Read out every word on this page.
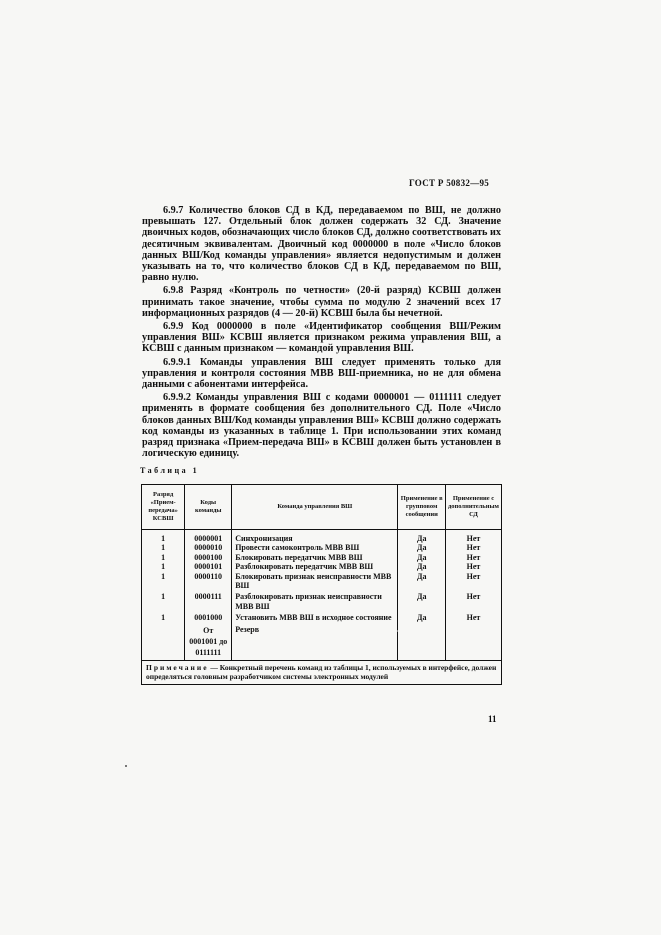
ГОСТ Р 50832—95

6.9.7 Количество блоков СД в КД, передаваемом по ВШ, не должно превышать 127. Отдельный блок должен содержать 32 СД. Значение двоичных кодов, обозначающих число блоков СД, должно соответствовать их десятичным эквивалентам. Двоичный код 0000000 в поле «Число блоков данных ВШ/Код команды управления» является недопустимым и должен указывать на то, что количество блоков СД в КД, передаваемом по ВШ, равно нулю.

6.9.8 Разряд «Контроль по четности» (20-й разряд) КСВШ должен принимать такое значение, чтобы сумма по модулю 2 значений всех 17 информационных разрядов (4 — 20-й) КСВШ была бы нечетной.

6.9.9 Код 0000000 в поле «Идентификатор сообщения ВШ/Режим управления ВШ» КСВШ является признаком режима управления ВШ, а КСВШ с данным признаком — командой управления ВШ.

6.9.9.1 Команды управления ВШ следует применять только для управления и контроля состояния МВВ ВШ-приемника, но не для обмена данными с абонентами интерфейса.

6.9.9.2 Команды управления ВШ с кодами 0000001 — 0111111 следует применять в формате сообщения без дополнительного СД. Поле «Число блоков данных ВШ/Код команды управления ВШ» КСВШ должно содержать код команды из указанных в таблице 1. При использовании этих команд разряд признака «Прием-передача ВШ» в КСВШ должен быть установлен в логическую единицу.

Таблица 1
Разряд «Прием-передача» КСВШ	Коды команды	Команда управления ВШ	Применение в групповом сообщении	Применение с дополнительным СД
1	0000001	Синхронизация	Да	Нет
1	0000010	Провести самоконтроль МВВ ВШ	Да	Нет
1	0000100	Блокировать передатчик МВВ ВШ	Да	Нет
1	0000101	Разблокировать передатчик МВВ ВШ	Да	Нет
1	0000110	Блокировать признак неисправности МВВ ВШ	Да	Нет
1	0000111	Разблокировать признак неисправности МВВ ВШ	Да	Нет
1	0001000	Установить МВВ ВШ в исходное состояние	Да	Нет
	От 0001001 до 0111111	Резерв		
Примечание — Конкретный перечень команд из таблицы 1, используемых в интерфейсе, должен определяться головным разработчиком системы электронных модулей				
11
